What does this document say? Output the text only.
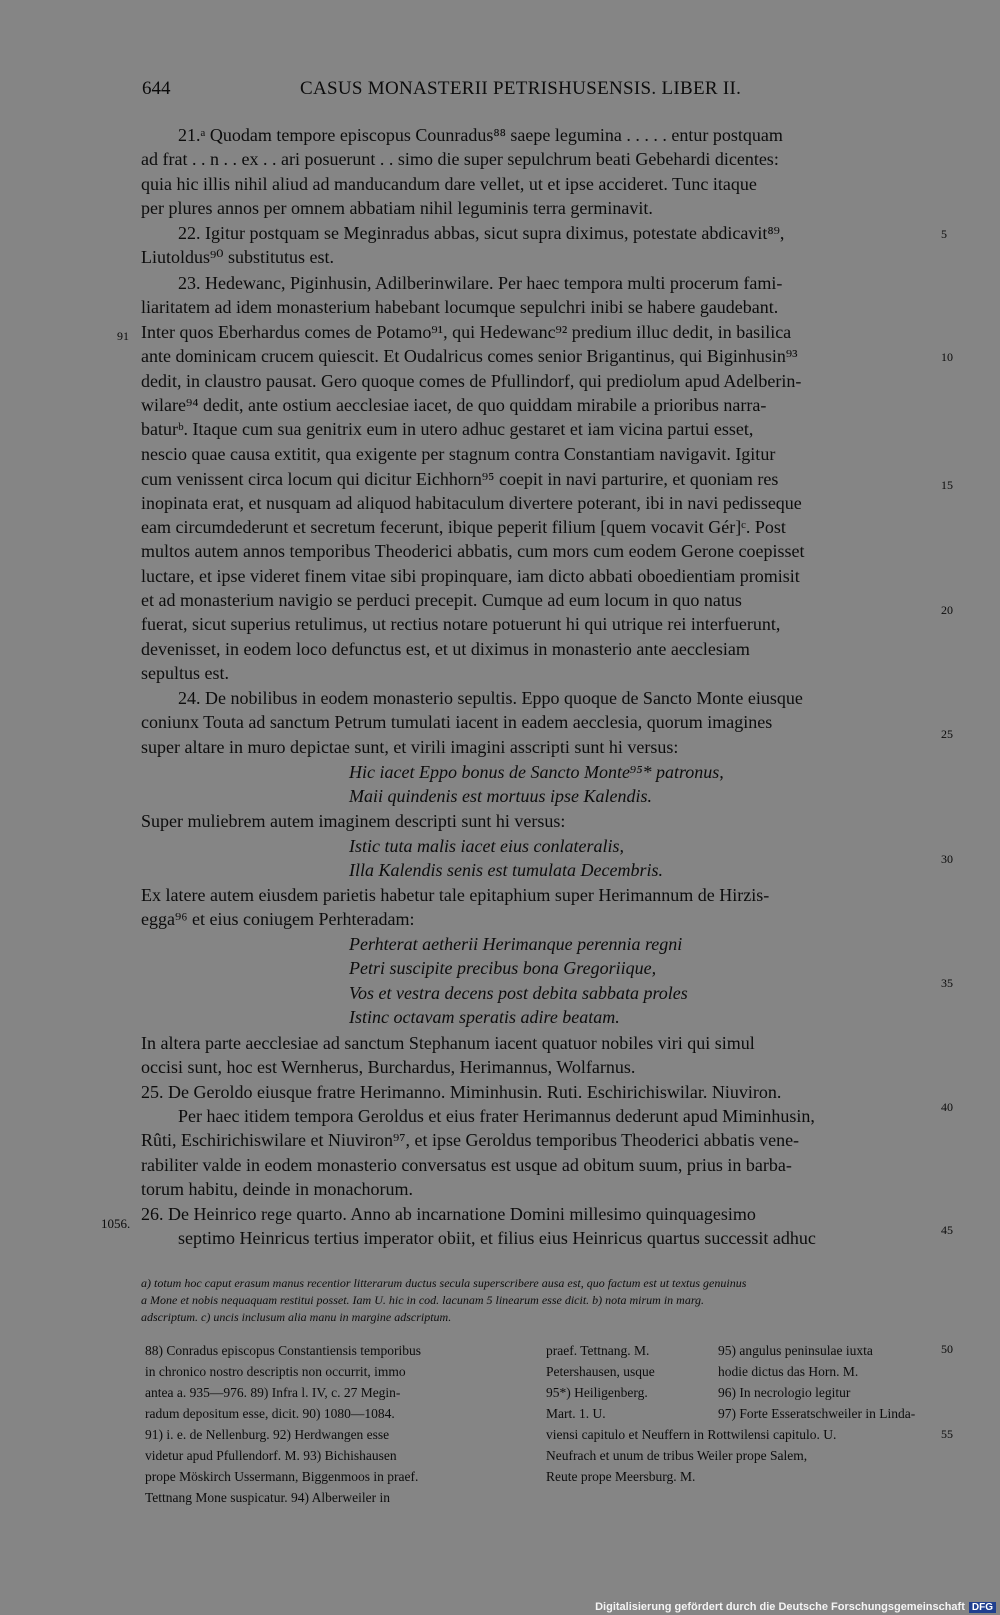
644	CASUS MONASTERII PETRISHUSENSIS. LIBER II.
21.ᵃ Quodam tempore episcopus Counradus⁸⁸ saepe legumina . . . . . entur postquam
ad frat . . n . . ex . . ari posuerunt . . simo die super sepulchrum beati Gebehardi dicentes:
quia hic illis nihil aliud ad manducandum dare vellet, ut et ipse accideret. Tunc itaque
per plures annos per omnem abbatiam nihil leguminis terra germinavit.
22. Igitur postquam se Meginradus abbas, sicut supra diximus, potestate abdicavit⁸⁹,
Liutoldus⁹⁰ substitutus est.
23. Hedewanc, Piginhusin, Adilberinwilare. Per haec tempora multi procerum fami-
liaritatem ad idem monasterium habebant locumque sepulchri inibi se habere gaudebant.
Inter quos Eberhardus comes de Potamo⁹¹, qui Hedewanc⁹² predium illuc dedit, in basilica
ante dominicam crucem quiescit. Et Oudalricus comes senior Brigantinus, qui Biginhusin⁹³
dedit, in claustro pausat. Gero quoque comes de Pfullindorf, qui prediolum apud Adelberin-
wilare⁹⁴ dedit, ante ostium aecclesiae iacet, de quo quiddam mirabile a prioribus narra-
baturᵇ. Itaque cum sua genitrix eum in utero adhuc gestaret et iam vicina partui esset,
nescio quae causa extitit, qua exigente per stagnum contra Constantiam navigavit. Igitur
cum venissent circa locum qui dicitur Eichhorn⁹⁵ coepit in navi parturire, et quoniam res
inopinata erat, et nusquam ad aliquod habitaculum divertere poterant, ibi in navi pedisseque
eam circumdederunt et secretum fecerunt, ibique peperit filium [quem vocavit Gér]ᶜ. Post
multos autem annos temporibus Theoderici abbatis, cum mors cum eodem Gerone coepisset
luctare, et ipse videret finem vitae sibi propinquare, iam dicto abbati oboedientiam promisit
et ad monasterium navigio se perduci precepit. Cumque ad eum locum in quo natus
fuerat, sicut superius retulimus, ut rectius notare potuerunt hi qui utrique rei interfuerunt,
devenisset, in eodem loco defunctus est, et ut diximus in monasterio ante aecclesiam
sepultus est.
24. De nobilibus in eodem monasterio sepultis. Eppo quoque de Sancto Monte eiusque
coniunx Touta ad sanctum Petrum tumulati iacent in eadem aecclesia, quorum imagines
super altare in muro depictae sunt, et virili imagini asscripti sunt hi versus:
Hic iacet Eppo bonus de Sancto Monte⁹⁵* patronus,
Maii quindenis est mortuus ipse Kalendis.
Super muliebrem autem imaginem descripti sunt hi versus:
Istic tuta malis iacet eius conlateralis,
Illa Kalendis senis est tumulata Decembris.
Ex latere autem eiusdem parietis habetur tale epitaphium super Herimannum de Hirzis-
egga⁹⁶ et eius coniugem Perhteradam:
Perhterat aetherii Herimanque perennia regni
Petri suscipite precibus bona Gregoriique,
Vos et vestra decens post debita sabbata proles
Istinc octavam speratis adire beatam.
In altera parte aecclesiae ad sanctum Stephanum iacent quatuor nobiles viri qui simul
occisi sunt, hoc est Wernherus, Burchardus, Herimannus, Wolfarnus.
25. De Geroldo eiusque fratre Herimanno. Miminhusin. Ruti. Eschirichiswilar. Niuviron.
Per haec itidem tempora Geroldus et eius frater Herimannus dederunt apud Miminhusin,
Rûti, Eschirichiswilare et Niuviron⁹⁷, et ipse Geroldus temporibus Theoderici abbatis vene-
rabiliter valde in eodem monasterio conversatus est usque ad obitum suum, prius in barba-
torum habitu, deinde in monachorum.
26. De Heinrico rege quarto. Anno ab incarnatione Domini millesimo quinquagesimo
septimo Heinricus tertius imperator obiit, et filius eius Heinricus quartus successit adhuc
91
1056.
5
10
15
20
25
30
35
40
45
50
55
a) totum hoc caput erasum manus recentior litterarum ductus secula superscribere ausa est, quo factum est ut textus genuinus
a Mone et nobis nequaquam restitui posset. Iam U. hic in cod. lacunam 5 linearum esse dicit. b) nota mirum in marg.
adscriptum. c) uncis inclusum alia manu in margine adscriptum.
88) Conradus episcopus Constantiensis temporibus
in chronico nostro descriptis non occurrit, immo
antea a. 935—976. 89) Infra l. IV, c. 27 Megin-
radum depositum esse, dicit. 90) 1080—1084.
91) i. e. de Nellenburg. 92) Herdwangen esse
videtur apud Pfullendorf. M. 93) Bichishausen
prope Möskirch Ussermann, Biggenmoos in praef.
Tettnang Mone suspicatur. 94) Alberweiler in
praef. Tettnang. M.
Petershausen, usque
95*) Heiligenberg.
Mart. 1. U.
viensi capitulo et Neuffern in Rottwilensi capitulo. U.
Neufrach et unum de tribus Weiler prope Salem,
Reute prope Meersburg. M.
95) angulus peninsulae iuxta
hodie dictus das Horn. M.
96) In necrologio legitur
97) Forte Esseratschweiler in Linda-
Digitalisierung gefördert durch die Deutsche Forschungsgemeinschaft DFG
